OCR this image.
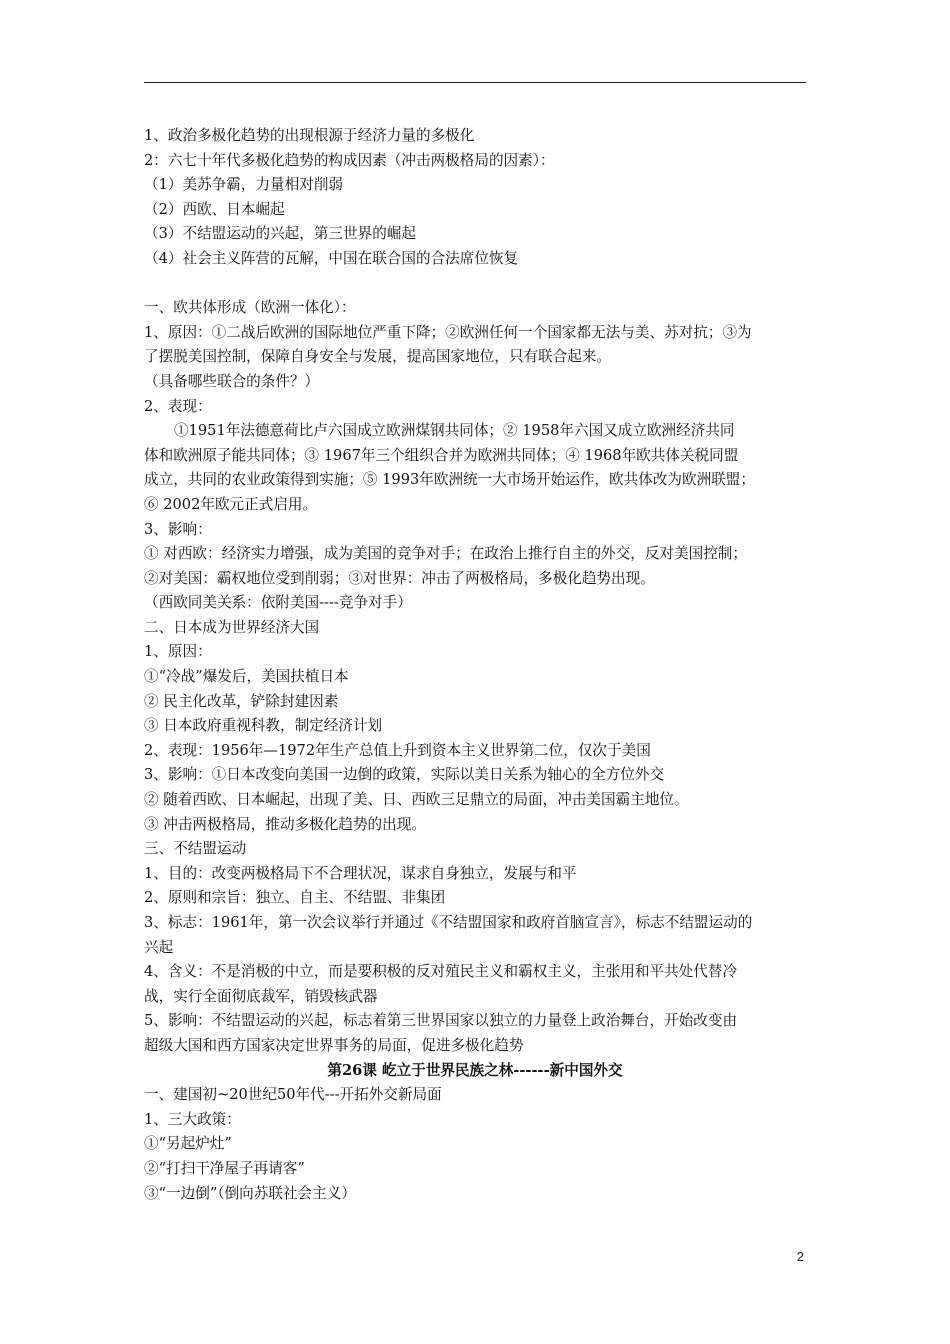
1、政治多极化趋势的出现根源于经济力量的多极化
2：六七十年代多极化趋势的构成因素（冲击两极格局的因素）：
（1）美苏争霸，力量相对削弱
（2）西欧、日本崛起
（3）不结盟运动的兴起，第三世界的崛起
（4）社会主义阵营的瓦解，中国在联合国的合法席位恢复
一、欧共体形成（欧洲一体化）：
1、原因：①二战后欧洲的国际地位严重下降；②欧洲任何一个国家都无法与美、苏对抗；③为
了摆脱美国控制，保障自身安全与发展，提高国家地位，只有联合起来。
（具备哪些联合的条件？）
2、表现：
①1951年法德意荷比卢六国成立欧洲煤钢共同体；② 1958年六国又成立欧洲经济共同
体和欧洲原子能共同体；③ 1967年三个组织合并为欧洲共同体；④ 1968年欧共体关税同盟
成立，共同的农业政策得到实施；⑤ 1993年欧洲统一大市场开始运作，欧共体改为欧洲联盟；
⑥ 2002年欧元正式启用。
3、影响：
① 对西欧：经济实力增强，成为美国的竞争对手；在政治上推行自主的外交，反对美国控制；
②对美国：霸权地位受到削弱；③对世界：冲击了两极格局，多极化趋势出现。
（西欧同美关系：依附美国----竞争对手）
二、日本成为世界经济大国
1、原因：
①“冷战”爆发后，美国扶植日本
② 民主化改革，铲除封建因素
③ 日本政府重视科教，制定经济计划
2、表现：1956年—1972年生产总值上升到资本主义世界第二位，仅次于美国
3、影响：①日本改变向美国一边倒的政策，实际以美日关系为轴心的全方位外交
② 随着西欧、日本崛起，出现了美、日、西欧三足鼎立的局面，冲击美国霸主地位。
③ 冲击两极格局，推动多极化趋势的出现。
三、不结盟运动
1、目的：改变两极格局下不合理状况，谋求自身独立，发展与和平
2、原则和宗旨：独立、自主、不结盟、非集团
3、标志：1961年，第一次会议举行并通过《不结盟国家和政府首脑宣言》，标志不结盟运动的
兴起
4、含义：不是消极的中立，而是要积极的反对殖民主义和霸权主义，主张用和平共处代替冷
战，实行全面彻底裁军，销毁核武器
5、影响：不结盟运动的兴起，标志着第三世界国家以独立的力量登上政治舞台，开始改变由
超级大国和西方国家决定世界事务的局面，促进多极化趋势
第26课 屹立于世界民族之林------新中国外交
一、建国初~20世纪50年代---开拓外交新局面
1、三大政策：
①“另起炉灶”
②“打扫干净屋子再请客”
③“一边倒”（倒向苏联社会主义）
2
